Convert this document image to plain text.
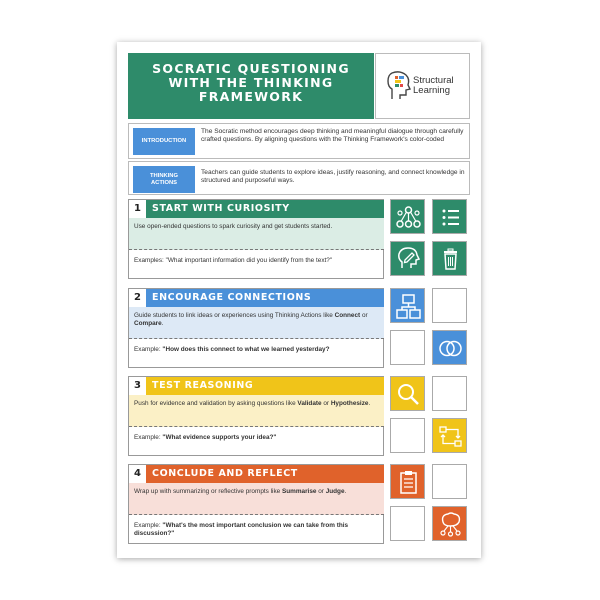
SOCRATIC QUESTIONING
WITH THE THINKING
FRAMEWORK
Structural
Learning
INTRODUCTION
The Socratic method encourages deep thinking and meaningful dialogue through carefully crafted questions. By aligning questions with the Thinking Framework's color-coded
THINKING
ACTIONS
Teachers can guide students to explore ideas, justify reasoning, and connect knowledge in structured and purposeful ways.
1	START WITH CURIOSITY
Use open-ended questions to spark curiosity and get students started.
Examples: "What important information did you identify from the text?"
2	ENCOURAGE CONNECTIONS
Guide students to link ideas or experiences using Thinking Actions like Connect or Compare.
Example: "How does this connect to what we learned yesterday?
3	TEST REASONING
Push for evidence and validation by asking questions like Validate or Hypothesize.
Example: "What evidence supports your idea?"
4	CONCLUDE AND REFLECT
Wrap up with summarizing or reflective prompts like Summarise or Judge.
Example: "What's the most important conclusion we can take from this discussion?"
